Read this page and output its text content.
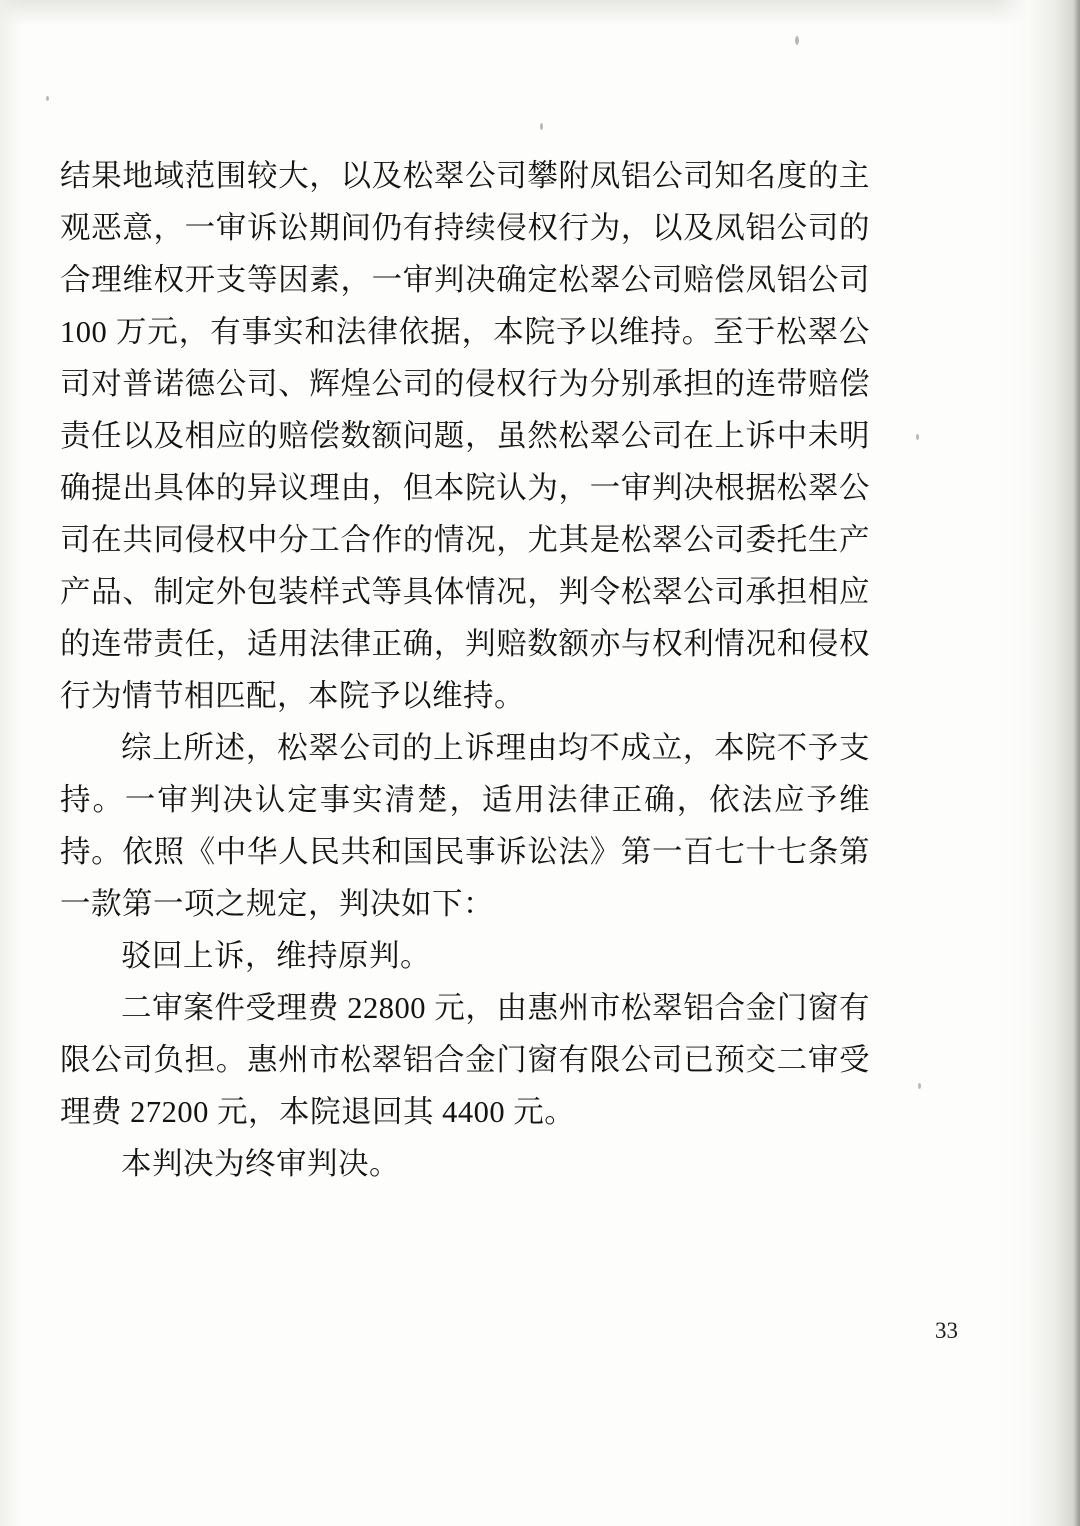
结果地域范围较大，以及松翠公司攀附凤铝公司知名度的主观恶意，一审诉讼期间仍有持续侵权行为，以及凤铝公司的合理维权开支等因素，一审判决确定松翠公司赔偿凤铝公司 100 万元，有事实和法律依据，本院予以维持。至于松翠公司对普诺德公司、辉煌公司的侵权行为分别承担的连带赔偿责任以及相应的赔偿数额问题，虽然松翠公司在上诉中未明确提出具体的异议理由，但本院认为，一审判决根据松翠公司在共同侵权中分工合作的情况，尤其是松翠公司委托生产产品、制定外包装样式等具体情况，判令松翠公司承担相应的连带责任，适用法律正确，判赔数额亦与权利情况和侵权行为情节相匹配，本院予以维持。

综上所述，松翠公司的上诉理由均不成立，本院不予支持。一审判决认定事实清楚，适用法律正确，依法应予维持。依照《中华人民共和国民事诉讼法》第一百七十七条第一款第一项之规定，判决如下：

驳回上诉，维持原判。

二审案件受理费 22800 元，由惠州市松翠铝合金门窗有限公司负担。惠州市松翠铝合金门窗有限公司已预交二审受理费 27200 元，本院退回其 4400 元。

本判决为终审判决。

33
